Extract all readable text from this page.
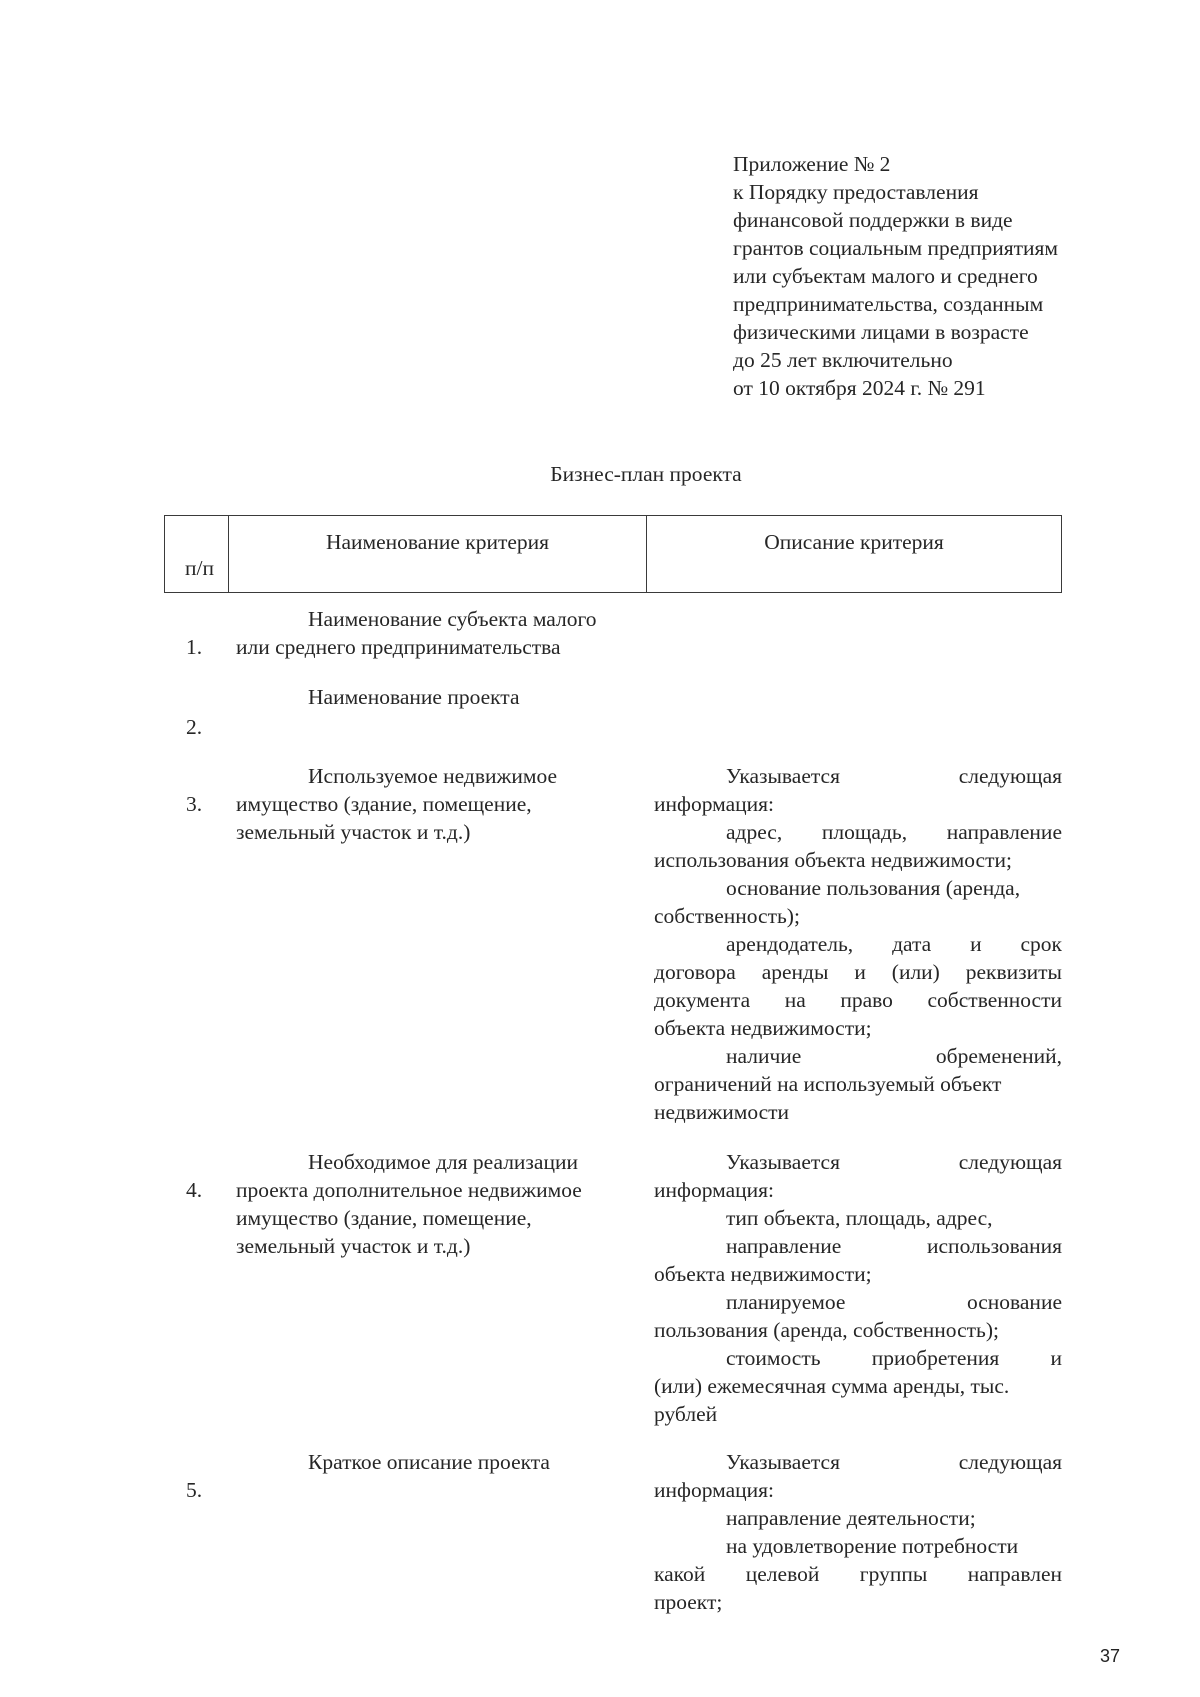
Приложение № 2
к Порядку предоставления
финансовой поддержки в виде
грантов социальным предприятиям
или субъектам малого и среднего
предпринимательства, созданным
физическими лицами в возрасте
до 25 лет включительно
от 10 октября 2024 г. № 291
Бизнес-план проекта
п/п
Наименование критерия	Описание критерия
1.
Наименование субъекта малого
или среднего предпринимательства
2.
Наименование проекта
3.
Используемое недвижимое
имущество (здание, помещение,
земельный участок и т.д.)
Указывается следующая
информация:
адрес, площадь, направление
использования объекта недвижимости;
основание пользования (аренда,
собственность);
арендодатель, дата и срок
договора аренды и (или) реквизиты
документа на право собственности
объекта недвижимости;
наличие обременений,
ограничений на используемый объект
недвижимости
4.
Необходимое для реализации
проекта дополнительное недвижимое
имущество (здание, помещение,
земельный участок и т.д.)
Указывается следующая
информация:
тип объекта, площадь, адрес,
направление использования
объекта недвижимости;
планируемое основание
пользования (аренда, собственность);
стоимость приобретения и
(или) ежемесячная сумма аренды, тыс.
рублей
5.
Краткое описание проекта	Указывается следующая
информация:
направление деятельности;
на удовлетворение потребности
какой целевой группы направлен
проект;
37
